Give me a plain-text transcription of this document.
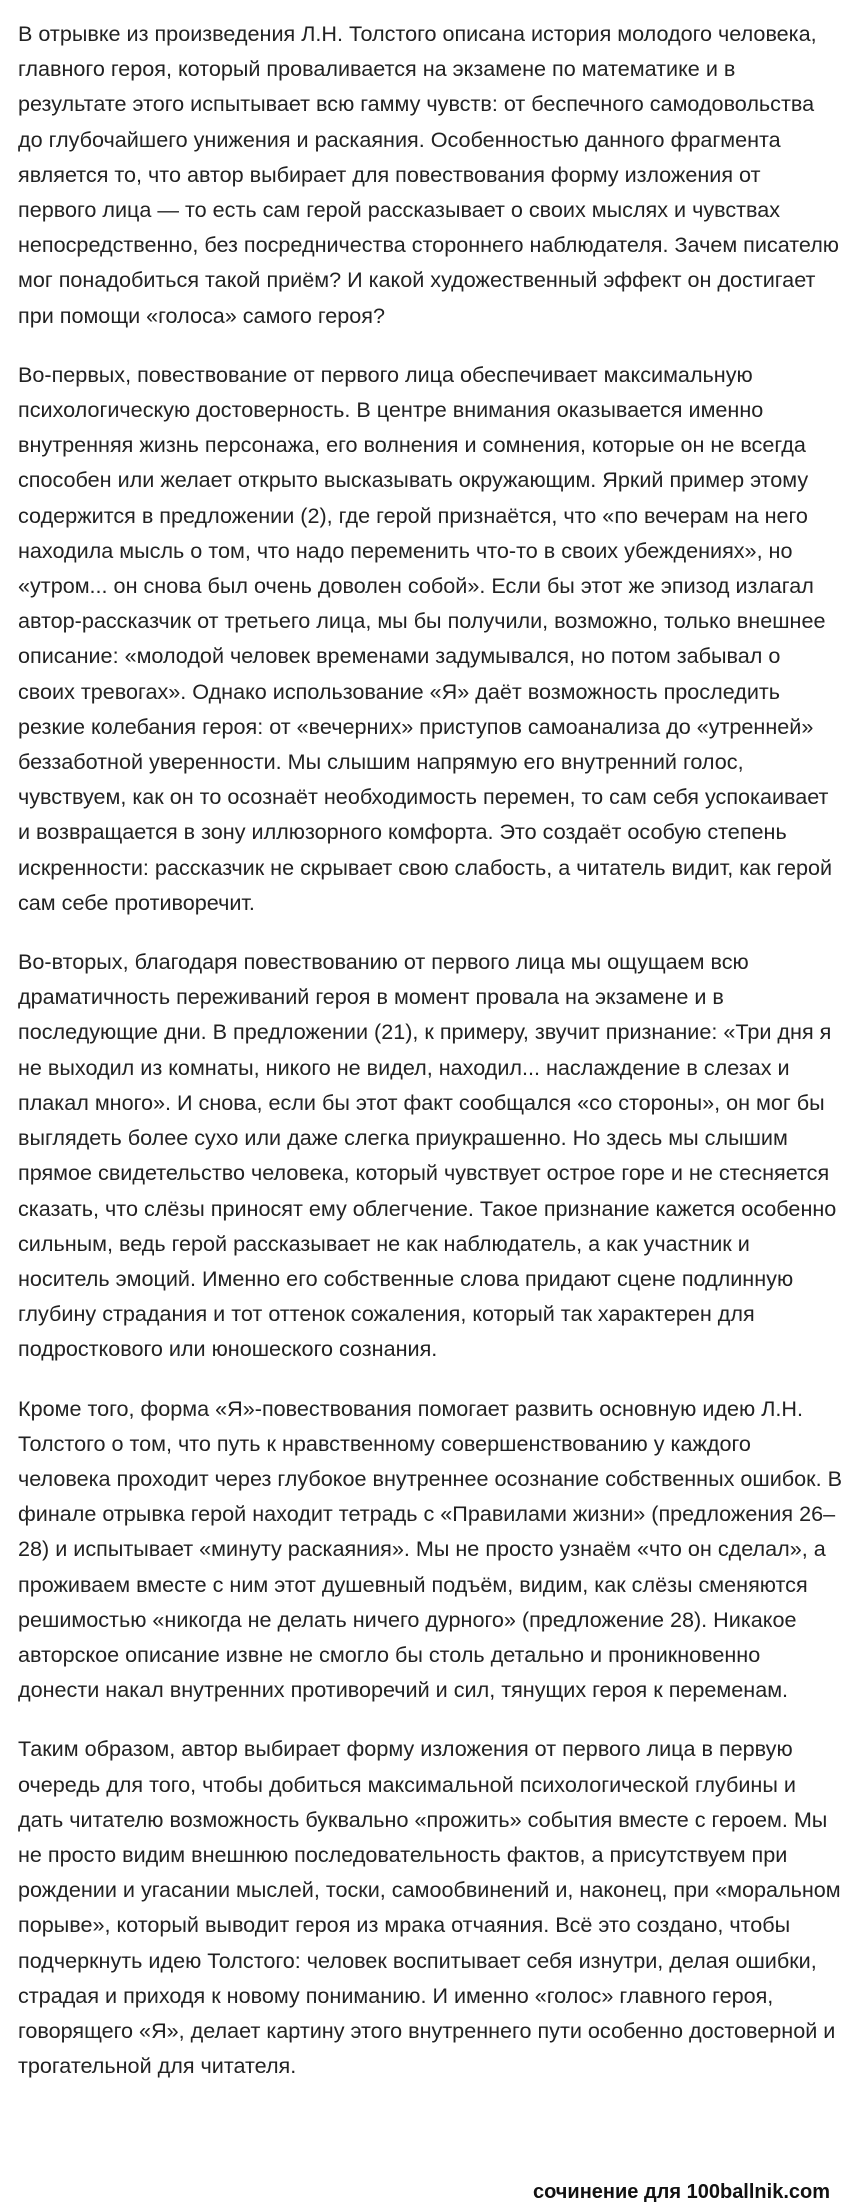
В отрывке из произведения Л.Н. Толстого описана история молодого человека, главного героя, который проваливается на экзамене по математике и в результате этого испытывает всю гамму чувств: от беспечного самодовольства до глубочайшего унижения и раскаяния. Особенностью данного фрагмента является то, что автор выбирает для повествования форму изложения от первого лица — то есть сам герой рассказывает о своих мыслях и чувствах непосредственно, без посредничества стороннего наблюдателя. Зачем писателю мог понадобиться такой приём? И какой художественный эффект он достигает при помощи «голоса» самого героя?

Во-первых, повествование от первого лица обеспечивает максимальную психологическую достоверность. В центре внимания оказывается именно внутренняя жизнь персонажа, его волнения и сомнения, которые он не всегда способен или желает открыто высказывать окружающим. Яркий пример этому содержится в предложении (2), где герой признаётся, что «по вечерам на него находила мысль о том, что надо переменить что-то в своих убеждениях», но «утром... он снова был очень доволен собой». Если бы этот же эпизод излагал автор-рассказчик от третьего лица, мы бы получили, возможно, только внешнее описание: «молодой человек временами задумывался, но потом забывал о своих тревогах». Однако использование «Я» даёт возможность проследить резкие колебания героя: от «вечерних» приступов самоанализа до «утренней» беззаботной уверенности. Мы слышим напрямую его внутренний голос, чувствуем, как он то осознаёт необходимость перемен, то сам себя успокаивает и возвращается в зону иллюзорного комфорта. Это создаёт особую степень искренности: рассказчик не скрывает свою слабость, а читатель видит, как герой сам себе противоречит.

Во-вторых, благодаря повествованию от первого лица мы ощущаем всю драматичность переживаний героя в момент провала на экзамене и в последующие дни. В предложении (21), к примеру, звучит признание: «Три дня я не выходил из комнаты, никого не видел, находил... наслаждение в слезах и плакал много». И снова, если бы этот факт сообщался «со стороны», он мог бы выглядеть более сухо или даже слегка приукрашенно. Но здесь мы слышим прямое свидетельство человека, который чувствует острое горе и не стесняется сказать, что слёзы приносят ему облегчение. Такое признание кажется особенно сильным, ведь герой рассказывает не как наблюдатель, а как участник и носитель эмоций. Именно его собственные слова придают сцене подлинную глубину страдания и тот оттенок сожаления, который так характерен для подросткового или юношеского сознания.

Кроме того, форма «Я»-повествования помогает развить основную идею Л.Н. Толстого о том, что путь к нравственному совершенствованию у каждого человека проходит через глубокое внутреннее осознание собственных ошибок. В финале отрывка герой находит тетрадь с «Правилами жизни» (предложения 26–28) и испытывает «минуту раскаяния». Мы не просто узнаём «что он сделал», а проживаем вместе с ним этот душевный подъём, видим, как слёзы сменяются решимостью «никогда не делать ничего дурного» (предложение 28). Никакое авторское описание извне не смогло бы столь детально и проникновенно донести накал внутренних противоречий и сил, тянущих героя к переменам.

Таким образом, автор выбирает форму изложения от первого лица в первую очередь для того, чтобы добиться максимальной психологической глубины и дать читателю возможность буквально «прожить» события вместе с героем. Мы не просто видим внешнюю последовательность фактов, а присутствуем при рождении и угасании мыслей, тоски, самообвинений и, наконец, при «моральном порыве», который выводит героя из мрака отчаяния. Всё это создано, чтобы подчеркнуть идею Толстого: человек воспитывает себя изнутри, делая ошибки, страдая и приходя к новому пониманию. И именно «голос» главного героя, говорящего «Я», делает картину этого внутреннего пути особенно достоверной и трогательной для читателя.

сочинение для 100ballnik.com
